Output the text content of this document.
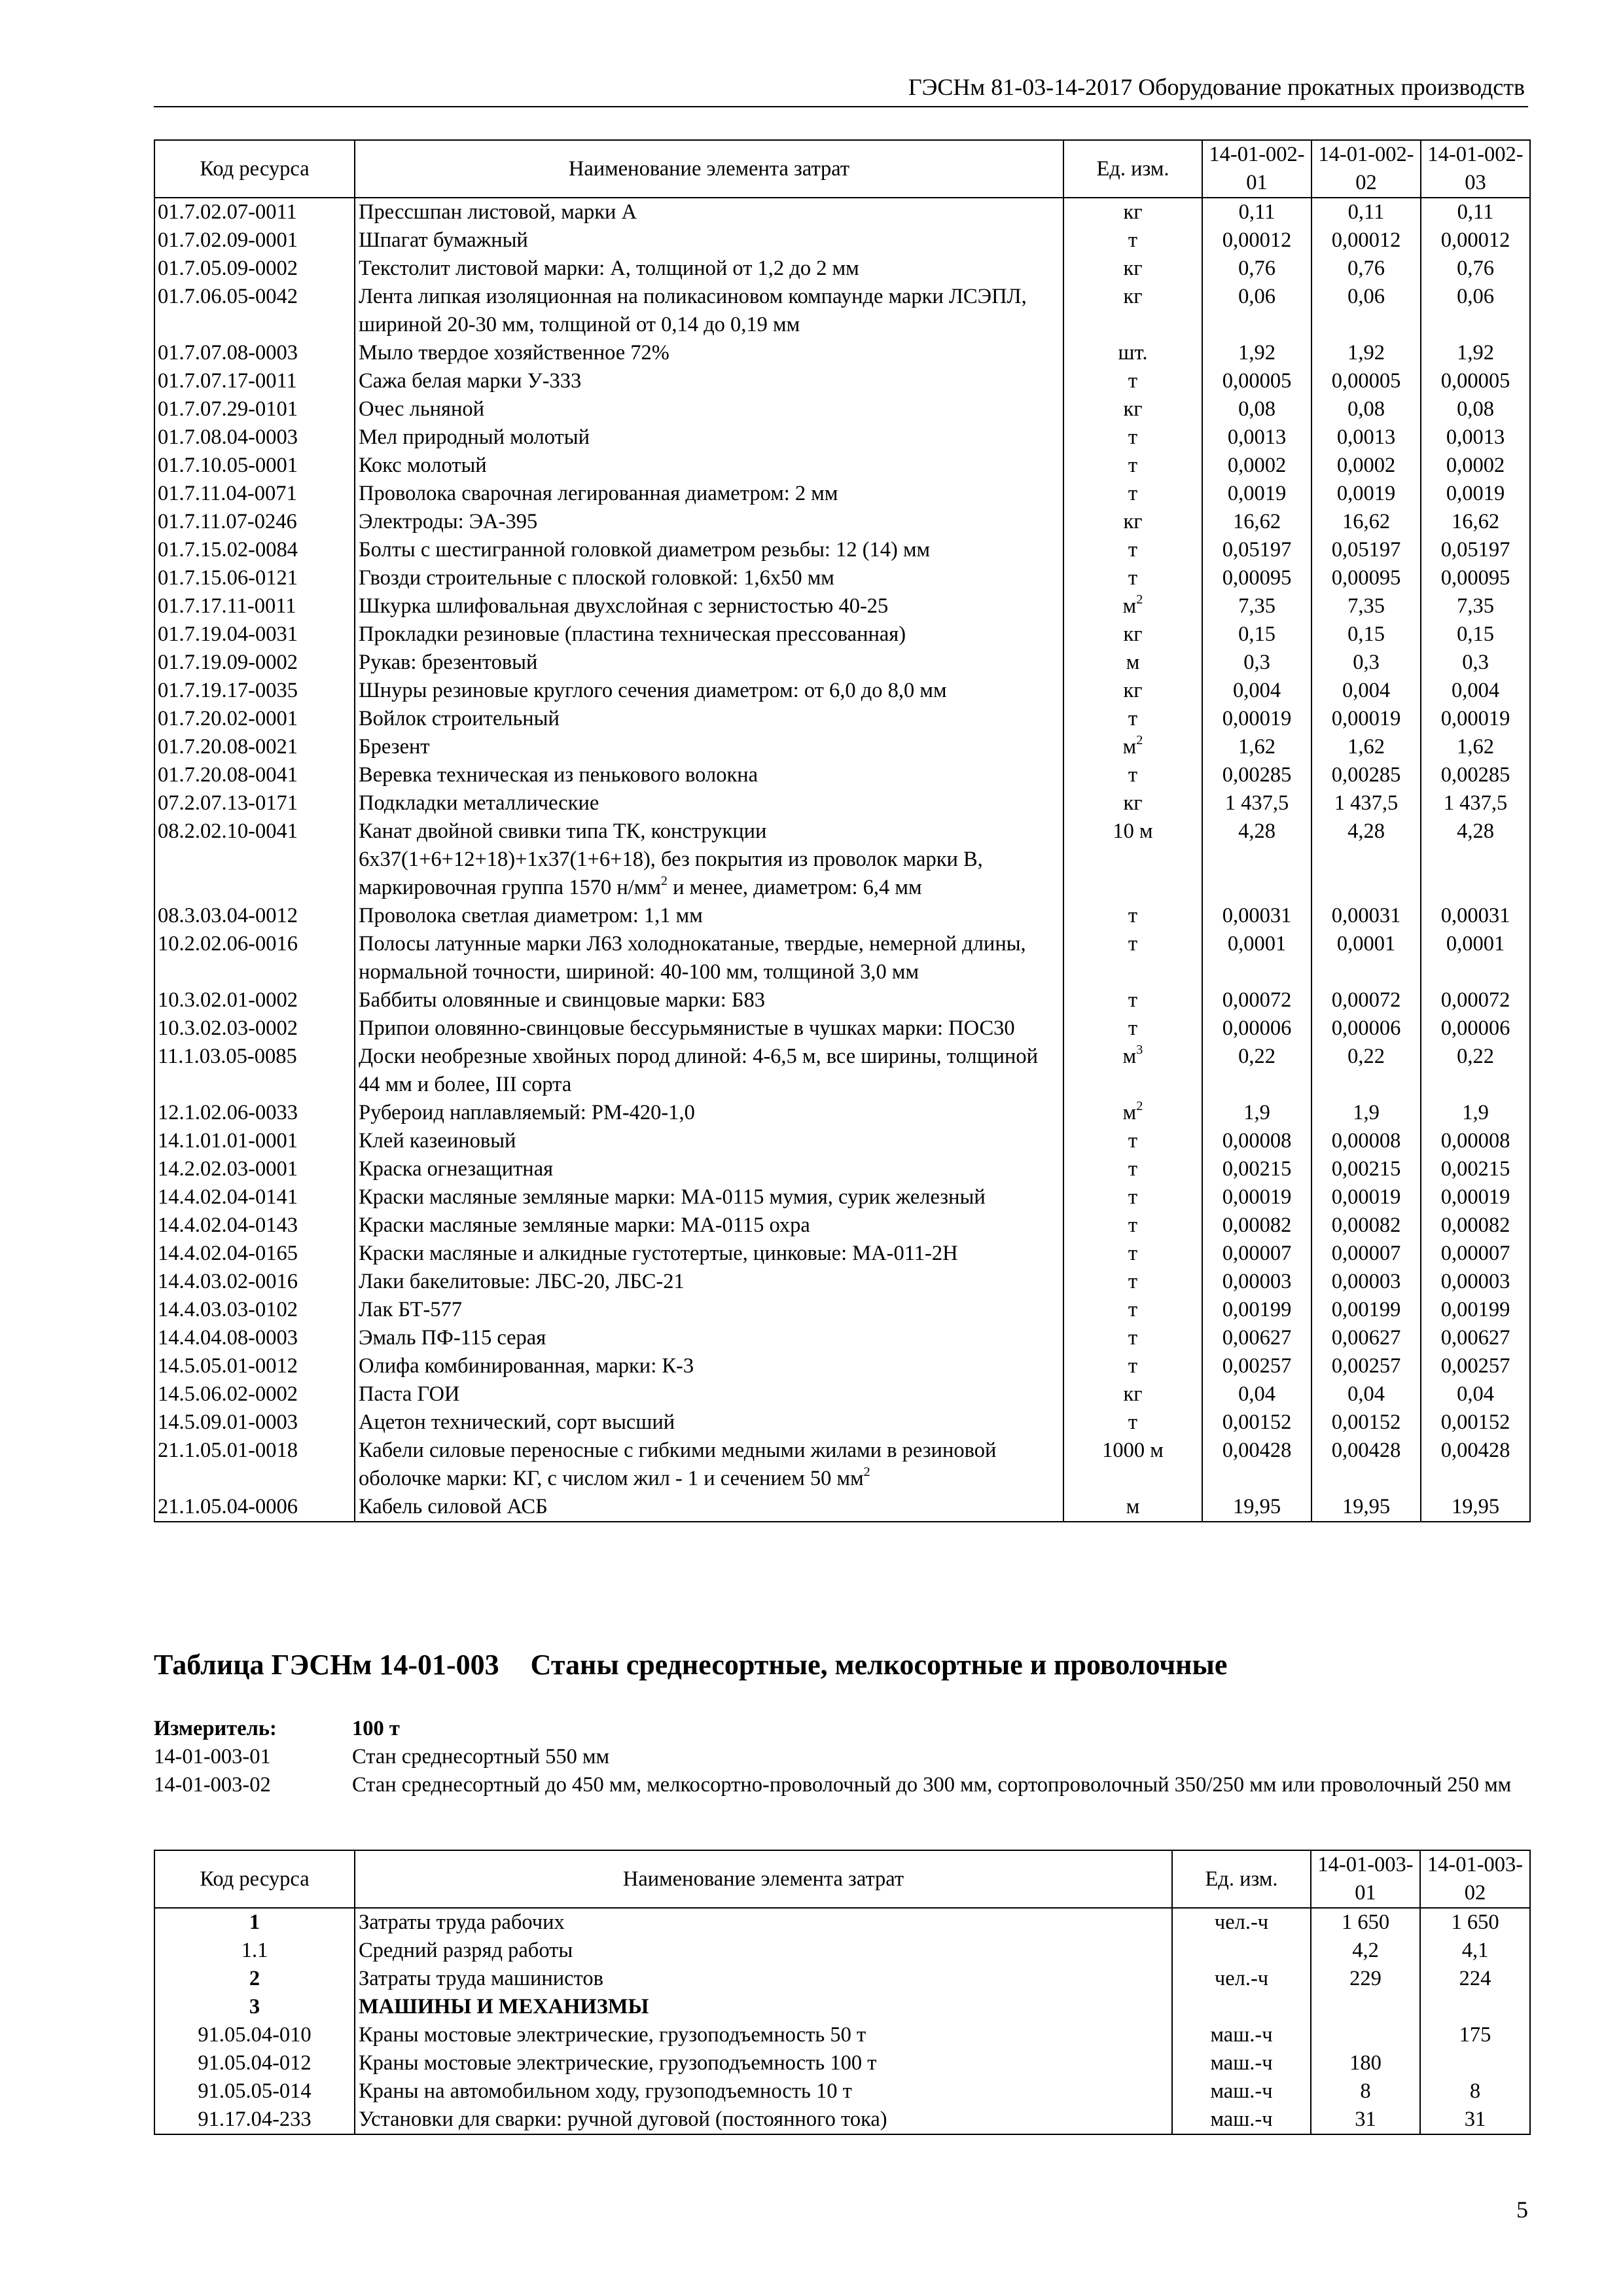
ГЭСНм 81-03-14-2017 Оборудование прокатных производств
Код ресурса	Наименование элемента затрат	Ед. изм.	14-01-002-01	14-01-002-02	14-01-002-03
01.7.02.07-0011	Прессшпан листовой, марки А	кг	0,11	0,11	0,11
01.7.02.09-0001	Шпагат бумажный	т	0,00012	0,00012	0,00012
01.7.05.09-0002	Текстолит листовой марки: А, толщиной от 1,2 до 2 мм	кг	0,76	0,76	0,76
01.7.06.05-0042	Лента липкая изоляционная на поликасиновом компаунде марки ЛСЭПЛ, шириной 20-30 мм, толщиной от 0,14 до 0,19 мм	кг	0,06	0,06	0,06
01.7.07.08-0003	Мыло твердое хозяйственное 72%	шт.	1,92	1,92	1,92
01.7.07.17-0011	Сажа белая марки У-333	т	0,00005	0,00005	0,00005
01.7.07.29-0101	Очес льняной	кг	0,08	0,08	0,08
01.7.08.04-0003	Мел природный молотый	т	0,0013	0,0013	0,0013
01.7.10.05-0001	Кокс молотый	т	0,0002	0,0002	0,0002
01.7.11.04-0071	Проволока сварочная легированная диаметром: 2 мм	т	0,0019	0,0019	0,0019
01.7.11.07-0246	Электроды: ЭА-395	кг	16,62	16,62	16,62
01.7.15.02-0084	Болты с шестигранной головкой диаметром резьбы: 12 (14) мм	т	0,05197	0,05197	0,05197
01.7.15.06-0121	Гвозди строительные с плоской головкой: 1,6х50 мм	т	0,00095	0,00095	0,00095
01.7.17.11-0011	Шкурка шлифовальная двухслойная с зернистостью 40-25	$м^2$	7,35	7,35	7,35
01.7.19.04-0031	Прокладки резиновые (пластина техническая прессованная)	кг	0,15	0,15	0,15
01.7.19.09-0002	Рукав: брезентовый	м	0,3	0,3	0,3
01.7.19.17-0035	Шнуры резиновые круглого сечения диаметром: от 6,0 до 8,0 мм	кг	0,004	0,004	0,004
01.7.20.02-0001	Войлок строительный	т	0,00019	0,00019	0,00019
01.7.20.08-0021	Брезент	$м^2$	1,62	1,62	1,62
01.7.20.08-0041	Веревка техническая из пенькового волокна	т	0,00285	0,00285	0,00285
07.2.07.13-0171	Подкладки металлические	кг	1 437,5	1 437,5	1 437,5
08.2.02.10-0041	Канат двойной свивки типа ТК, конструкции 6х37(1+6+12+18)+1х37(1+6+18), без покрытия из проволок марки В, маркировочная группа 1570 $н/мм^2$ и менее, диаметром: 6,4 мм	10 м	4,28	4,28	4,28
08.3.03.04-0012	Проволока светлая диаметром: 1,1 мм	т	0,00031	0,00031	0,00031
10.2.02.06-0016	Полосы латунные марки Л63 холоднокатаные, твердые, немерной длины, нормальной точности, шириной: 40-100 мм, толщиной 3,0 мм	т	0,0001	0,0001	0,0001
10.3.02.01-0002	Баббиты оловянные и свинцовые марки: Б83	т	0,00072	0,00072	0,00072
10.3.02.03-0002	Припои оловянно-свинцовые бессурьмянистые в чушках марки: ПОС30	т	0,00006	0,00006	0,00006
11.1.03.05-0085	Доски необрезные хвойных пород длиной: 4-6,5 м, все ширины, толщиной 44 мм и более, III сорта	$м^3$	0,22	0,22	0,22
12.1.02.06-0033	Рубероид наплавляемый: РМ-420-1,0	$м^2$	1,9	1,9	1,9
14.1.01.01-0001	Клей казеиновый	т	0,00008	0,00008	0,00008
14.2.02.03-0001	Краска огнезащитная	т	0,00215	0,00215	0,00215
14.4.02.04-0141	Краски масляные земляные марки: МА-0115 мумия, сурик железный	т	0,00019	0,00019	0,00019
14.4.02.04-0143	Краски масляные земляные марки: МА-0115 охра	т	0,00082	0,00082	0,00082
14.4.02.04-0165	Краски масляные и алкидные густотертые, цинковые: МА-011-2Н	т	0,00007	0,00007	0,00007
14.4.03.02-0016	Лаки бакелитовые: ЛБС-20, ЛБС-21	т	0,00003	0,00003	0,00003
14.4.03.03-0102	Лак БТ-577	т	0,00199	0,00199	0,00199
14.4.04.08-0003	Эмаль ПФ-115 серая	т	0,00627	0,00627	0,00627
14.5.05.01-0012	Олифа комбинированная, марки: К-3	т	0,00257	0,00257	0,00257
14.5.06.02-0002	Паста ГОИ	кг	0,04	0,04	0,04
14.5.09.01-0003	Ацетон технический, сорт высший	т	0,00152	0,00152	0,00152
21.1.05.01-0018	Кабели силовые переносные с гибкими медными жилами в резиновой оболочке марки: КГ, с числом жил - 1 и сечением 50 $мм^2$	1000 м	0,00428	0,00428	0,00428
21.1.05.04-0006	Кабель силовой АСБ	м	19,95	19,95	19,95
Таблица ГЭСНм 14-01-003 Станы среднесортные, мелкосортные и проволочные
Измеритель:	100 т
14-01-003-01	Стан среднесортный 550 мм
14-01-003-02	Стан среднесортный до 450 мм, мелкосортно-проволочный до 300 мм, сортопроволочный 350/250 мм или проволочный 250 мм
Код ресурса	Наименование элемента затрат	Ед. изм.	14-01-003-01	14-01-003-02
1	Затраты труда рабочих	чел.-ч	1 650	1 650
1.1	Средний разряд работы		4,2	4,1
2	Затраты труда машинистов	чел.-ч	229	224
3	МАШИНЫ И МЕХАНИЗМЫ			
91.05.04-010	Краны мостовые электрические, грузоподъемность 50 т	маш.-ч		175
91.05.04-012	Краны мостовые электрические, грузоподъемность 100 т	маш.-ч	180	
91.05.05-014	Краны на автомобильном ходу, грузоподъемность 10 т	маш.-ч	8	8
91.17.04-233	Установки для сварки: ручной дуговой (постоянного тока)	маш.-ч	31	31
5
